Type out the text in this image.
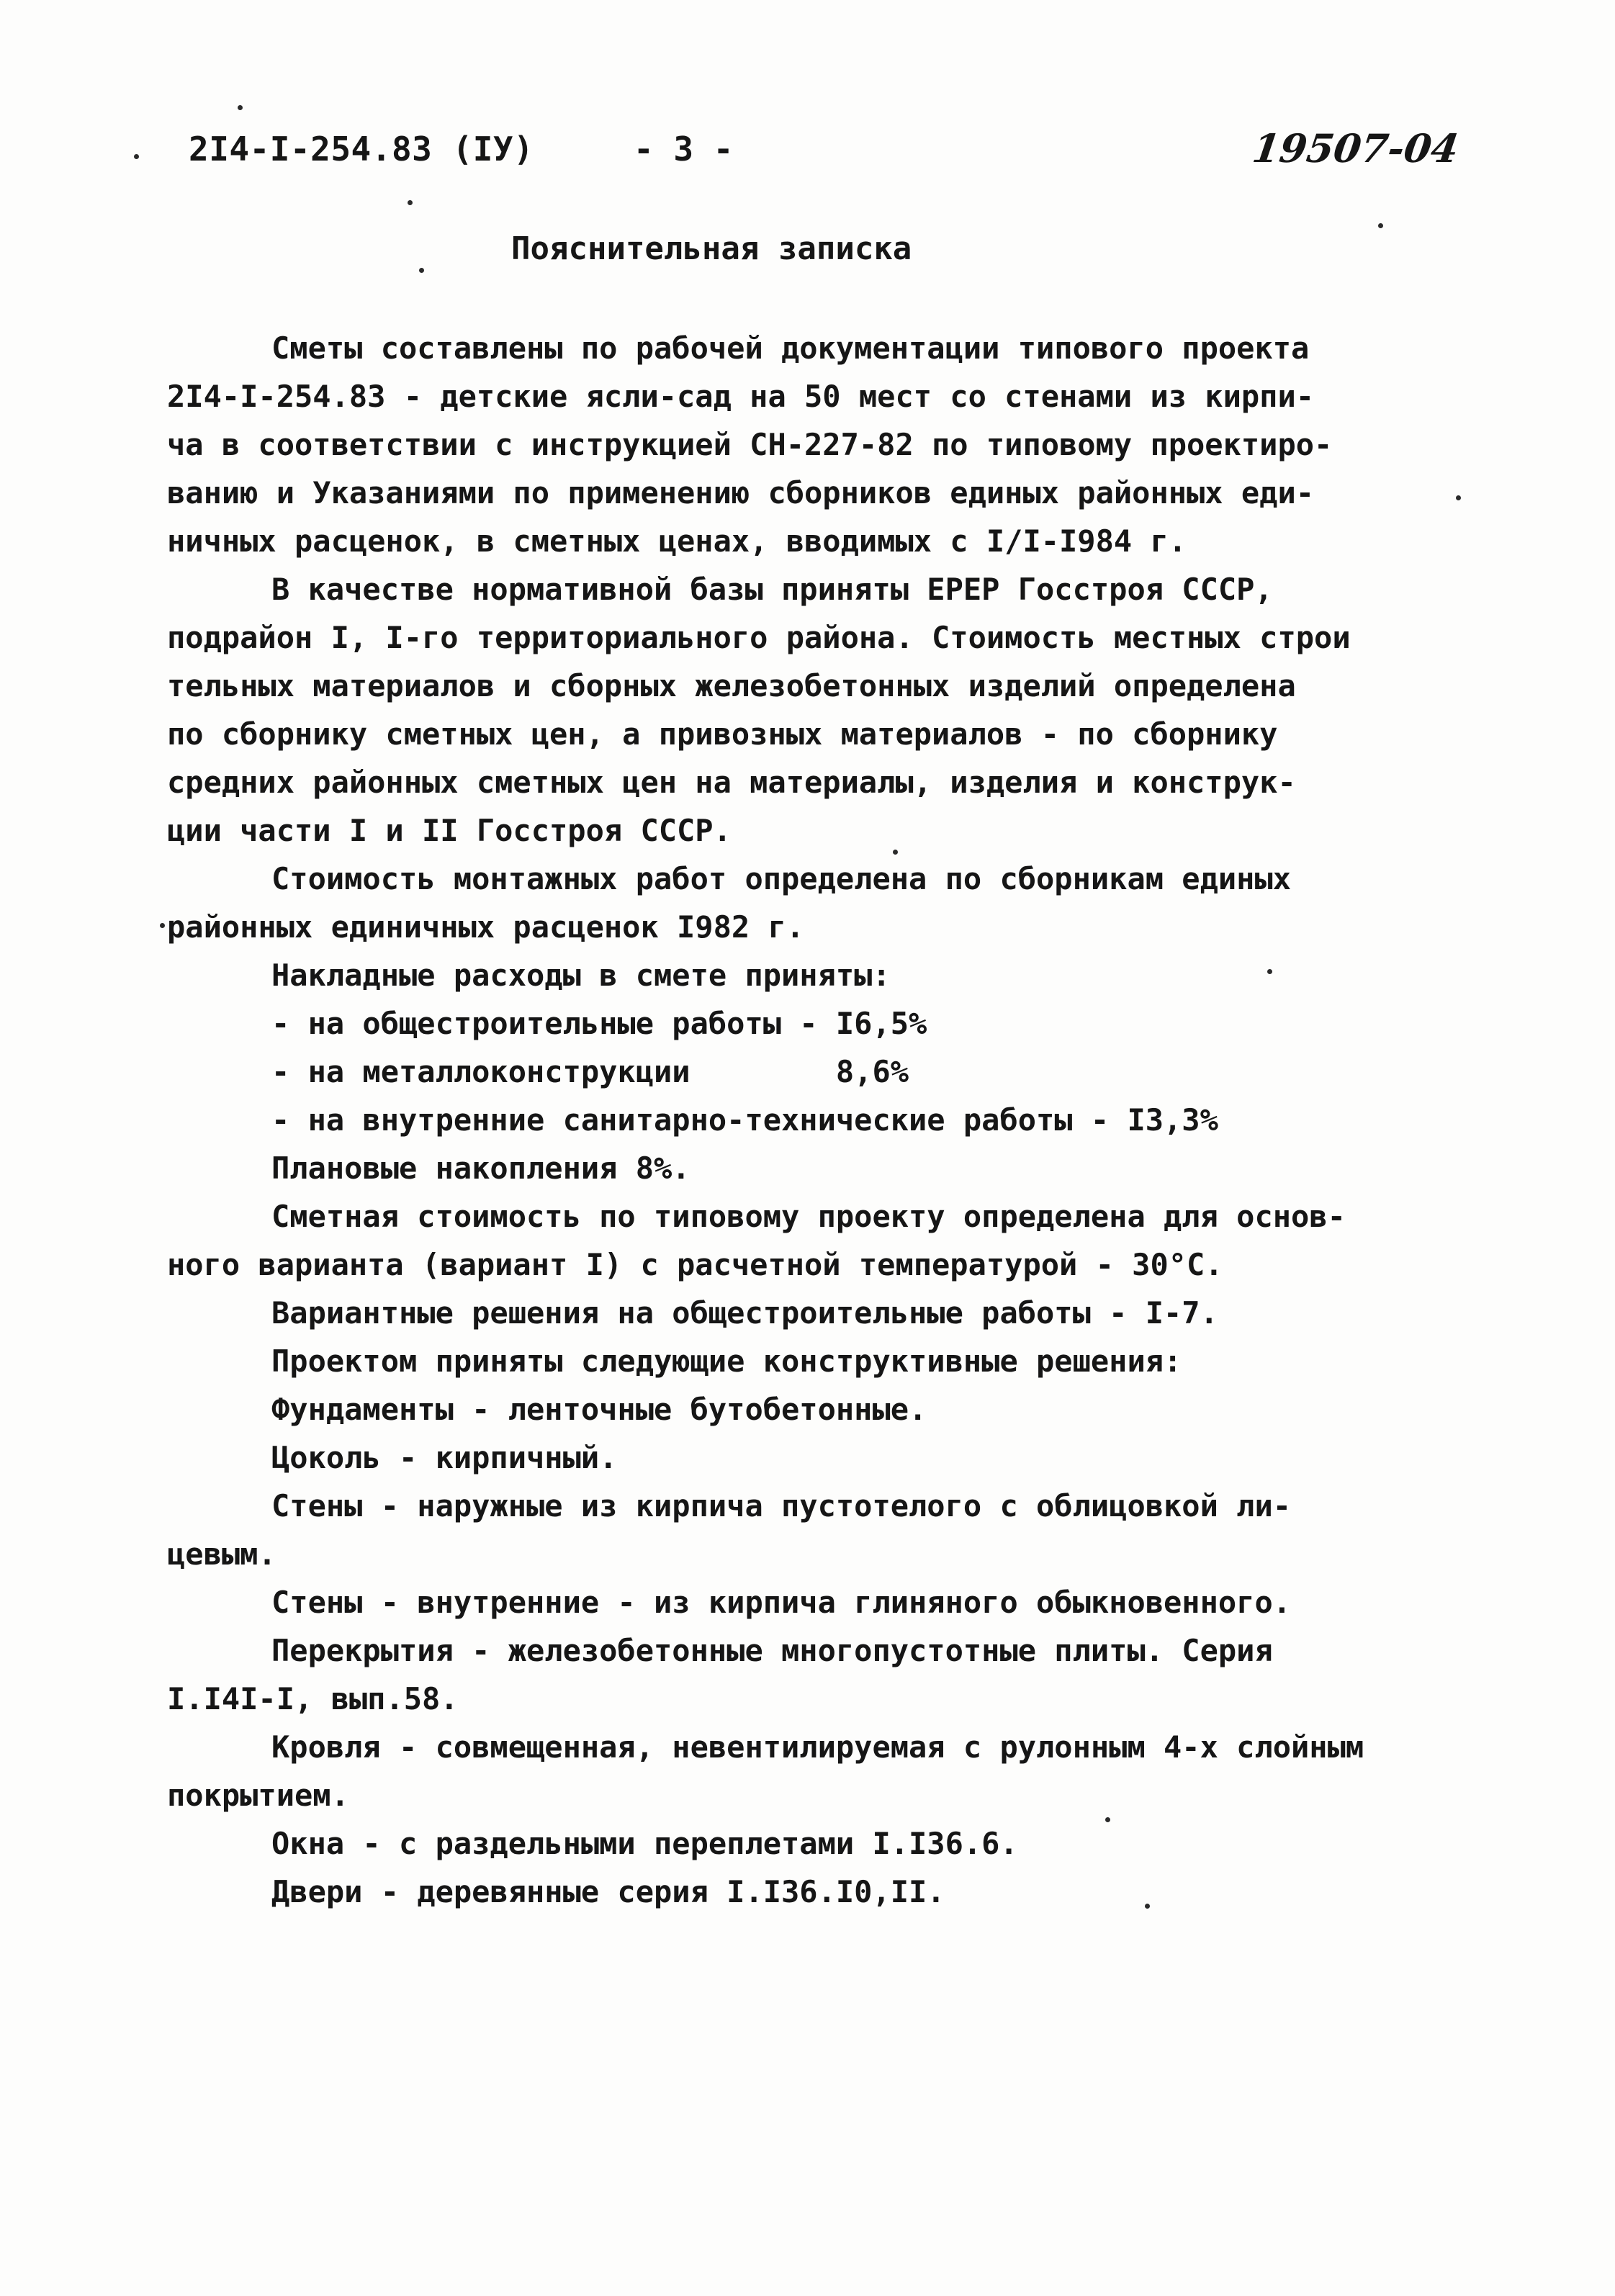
2I4-I-254.83 (IУ)	- 3 -	19507-04
Пояснительная записка
Сметы составлены по рабочей документации типового проекта
2I4-I-254.83 - детские ясли-сад на 50 мест со стенами из кирпи-
ча в соответствии с инструкцией СН-227-82 по типовому проектиро-
ванию и Указаниями по применению сборников единых районных еди-
ничных расценок, в сметных ценах, вводимых с I/I-I984 г.
В качестве нормативной базы приняты ЕРЕР Госстроя СССР,
подрайон I, I-го территориального района. Стоимость местных строи
тельных материалов и сборных железобетонных изделий определена
по сборнику сметных цен, а привозных материалов - по сборнику
средних районных сметных цен на материалы, изделия и конструк-
ции части I и II Госстроя СССР.
Стоимость монтажных работ определена по сборникам единых
районных единичных расценок I982 г.
Накладные расходы в смете приняты:
- на общестроительные работы - I6,5%
- на металлоконструкции        8,6%
- на внутренние санитарно-технические работы - I3,3%
Плановые накопления 8%.
Сметная стоимость по типовому проекту определена для основ-
ного варианта (вариант I) с расчетной температурой - 30°С.
Вариантные решения на общестроительные работы - I-7.
Проектом приняты следующие конструктивные решения:
Фундаменты - ленточные бутобетонные.
Цоколь - кирпичный.
Стены - наружные из кирпича пустотелого с облицовкой ли-
цевым.
Стены - внутренние - из кирпича глиняного обыкновенного.
Перекрытия - железобетонные многопустотные плиты. Серия
I.I4I-I, вып.58.
Кровля - совмещенная, невентилируемая с рулонным 4-х слойным
покрытием.
Окна - с раздельными переплетами I.I36.6.
Двери - деревянные серия I.I36.I0,II.
